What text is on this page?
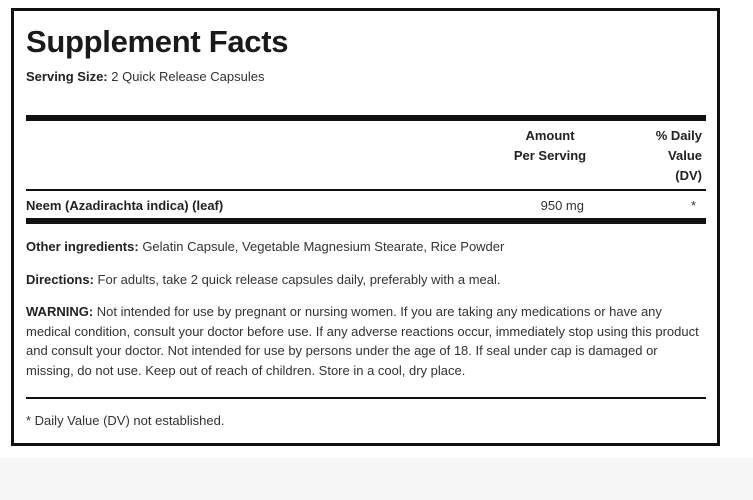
Supplement Facts
Serving Size: 2 Quick Release Capsules
Amount
Per Serving
% Daily
Value
(DV)
Neem (Azadirachta indica) (leaf)	950 mg	*

Other ingredients: Gelatin Capsule, Vegetable Magnesium Stearate, Rice Powder

Directions: For adults, take 2 quick release capsules daily, preferably with a meal.

WARNING: Not intended for use by pregnant or nursing women. If you are taking any medications or have any medical condition, consult your doctor before use. If any adverse reactions occur, immediately stop using this product and consult your doctor. Not intended for use by persons under the age of 18. If seal under cap is damaged or missing, do not use. Keep out of reach of children. Store in a cool, dry place.

* Daily Value (DV) not established.
